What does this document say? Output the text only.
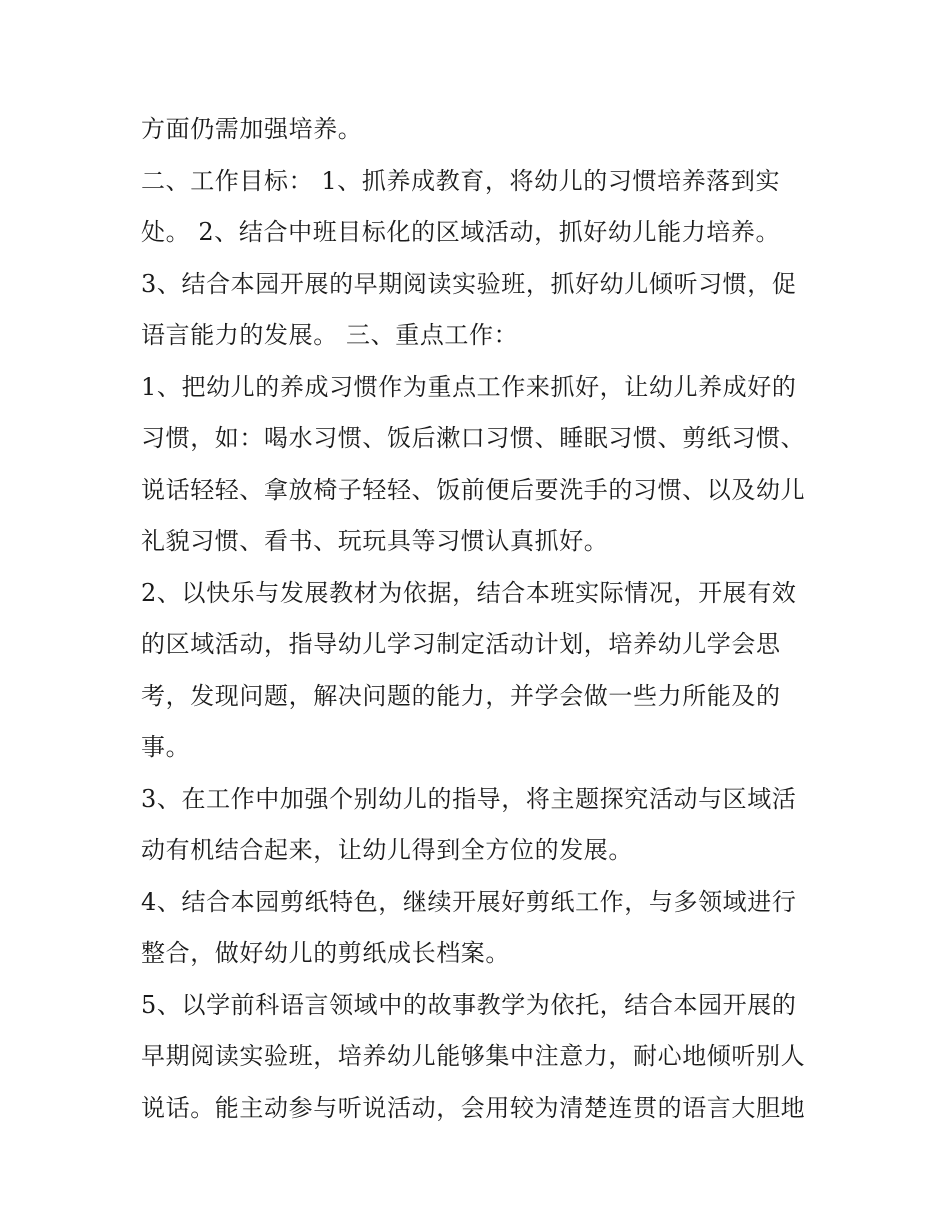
方面仍需加强培养。
二、工作目标： 1、抓养成教育，将幼儿的习惯培养落到实
处。 2、结合中班目标化的区域活动，抓好幼儿能力培养。
3、结合本园开展的早期阅读实验班，抓好幼儿倾听习惯，促
语言能力的发展。 三、重点工作：
1、把幼儿的养成习惯作为重点工作来抓好，让幼儿养成好的
习惯，如：喝水习惯、饭后漱口习惯、睡眠习惯、剪纸习惯、
说话轻轻、拿放椅子轻轻、饭前便后要洗手的习惯、以及幼儿
礼貌习惯、看书、玩玩具等习惯认真抓好。
2、以快乐与发展教材为依据，结合本班实际情况，开展有效
的区域活动，指导幼儿学习制定活动计划，培养幼儿学会思
考，发现问题，解决问题的能力，并学会做一些力所能及的
事。
3、在工作中加强个别幼儿的指导，将主题探究活动与区域活
动有机结合起来，让幼儿得到全方位的发展。
4、结合本园剪纸特色，继续开展好剪纸工作，与多领域进行
整合，做好幼儿的剪纸成长档案。
5、以学前科语言领域中的故事教学为依托，结合本园开展的
早期阅读实验班，培养幼儿能够集中注意力，耐心地倾听别人
说话。能主动参与听说活动，会用较为清楚连贯的语言大胆地
